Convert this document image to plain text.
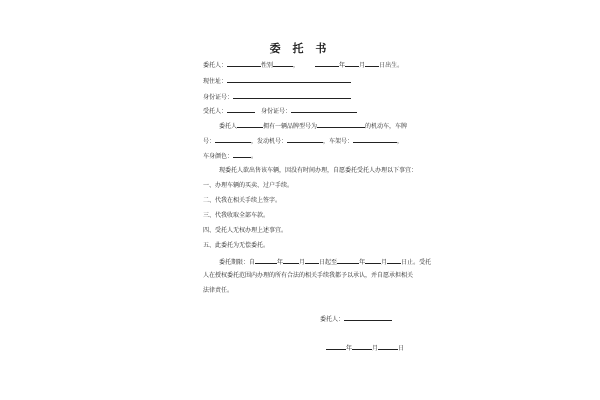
委 托 书
委托人：	性别	，	年 月 日出生。
现住址：
身份证号：
受托人：	身份证号：
委托人	拥有一辆品牌型号为	的机动车，车牌
号：	，发动机号：	，车架号：	，
车身颜色：	。
现委托人欲出售该车辆，因没有时间办理，自愿委托受托人办理以下事宜：
一、办理车辆的买卖、过户手续。
二、代我在相关手续上签字。
三、代我收取全部车款。
四、受托人无权办理上述事宜。
五、此委托为无偿委托。
委托期限：自	年	月 日起至	年	月 日止。受托
人在授权委托范围内办理的所有合法的相关手续我都予以承认，并自愿承担相关
法律责任。
委托人：
年	月	日
